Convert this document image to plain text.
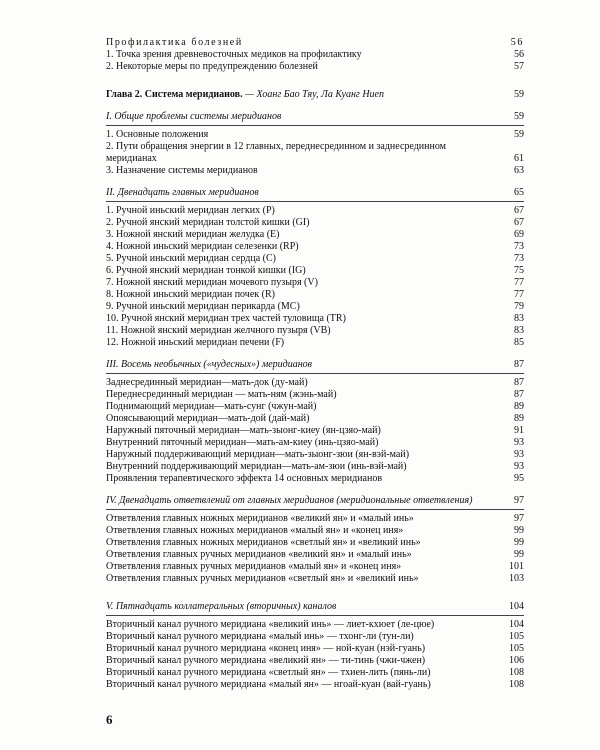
Профилактика болезней	56
1. Точка зрения древневосточных медиков на профилактику	56
2. Некоторые меры по предупреждению болезней	57
Глава 2. Система меридианов. — Хоанг Бао Тяу, Ла Куанг Ниеп	59
I. Общие проблемы системы меридианов	59
1. Основные положения	59
2. Пути обращения энергии в 12 главных, переднесрединном и заднесрединном меридианах	61
3. Назначение системы меридианов	63
II. Двенадцать главных меридианов	65
1. Ручной иньский меридиан легких (P)	67
2. Ручной янский меридиан толстой кишки (GI)	67
3. Ножной янский меридиан желудка (E)	69
4. Ножной иньский меридиан селезенки (RP)	73
5. Ручной иньский меридиан сердца (C)	73
6. Ручной янский меридиан тонкой кишки (IG)	75
7. Ножной янский меридиан мочевого пузыря (V)	77
8. Ножной иньский меридиан почек (R)	77
9. Ручной иньский меридиан перикарда (MC)	79
10. Ручной янский меридиан трех частей туловища (TR)	83
11. Ножной янский меридиан желчного пузыря (VB)	83
12. Ножной иньский меридиан печени (F)	85
III. Восемь необычных («чудесных») меридианов	87
Заднесрединный меридиан—мать-док (ду-май)	87
Переднесрединный меридиан — мать-ням (жэнь-май)	87
Поднимающий меридиан—мать-сунг (чжун-май)	89
Опоясывающий меридиан—мать-дой (дай-май)	89
Наружный пяточный меридиан—мать-зыонг-киеу (ян-цзяо-май)	91
Внутренний пяточный меридиан—мать-ам-киеу (инь-цзяо-май)	93
Наружный поддерживающий меридиан—мать-зыонг-зюи (ян-вэй-май)	93
Внутренний поддерживающий меридиан—мать-ам-зюи (инь-вэй-май)	93
Проявления терапевтического эффекта 14 основных меридианов	95
IV. Двенадцать ответвлений от главных меридианов (меридиональные ответвления)	97
Ответвления главных ножных меридианов «великий ян» и «малый инь»	97
Ответвления главных ножных меридианов «малый ян» и «конец иня»	99
Ответвления главных ножных меридианов «светлый ян» и «великий инь»	99
Ответвления главных ручных меридианов «великий ян» и «малый инь»	99
Ответвления главных ручных меридианов «малый ян» и «конец иня»	101
Ответвления главных ручных меридианов «светлый ян» и «великий инь»	103
V. Пятнадцать коллатеральных (вторичных) каналов	104
Вторичный канал ручного меридиана «великий инь» — лиет-кхюет (ле-цюе)	104
Вторичный канал ручного меридиана «малый инь» — тхонг-ли (тун-ли)	105
Вторичный канал ручного меридиана «конец иня» — ной-куан (нэй-гуань)	105
Вторичный канал ручного меридиана «великий ян» — ти-тинь (чжи-чжен)	106
Вторичный канал ручного меридиана «светлый ян» — тхиен-лить (пянь-ли)	108
Вторичный канал ручного меридиана «малый ян» — нгоай-куан (вай-гуань)	108
6
